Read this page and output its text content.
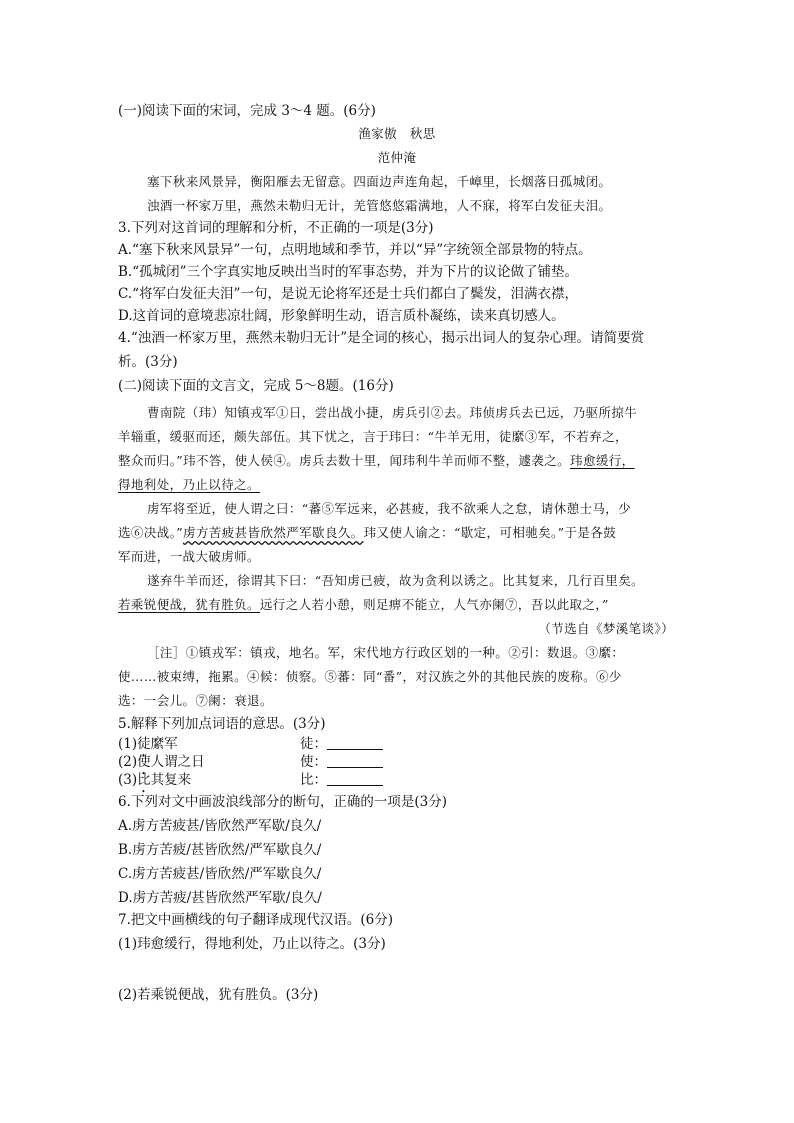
(一)阅读下面的宋词，完成 3～4 题。(6分)
渔家傲　秋思
范仲淹
塞下秋来风景异，衡阳雁去无留意。四面边声连角起，千嶂里，长烟落日孤城闭。
浊酒一杯家万里，燕然未勒归无计，羌管悠悠霜满地，人不寐，将军白发征夫泪。
3.下列对这首词的理解和分析，不正确的一项是(3分)
A.“塞下秋来风景异”一句，点明地域和季节，并以“异”字统领全部景物的特点。
B.“孤城闭”三个字真实地反映出当时的军事态势，并为下片的议论做了铺垫。
C.“将军白发征夫泪”一句，是说无论将军还是士兵们都白了鬓发，泪满衣襟，
D.这首词的意境悲凉壮阔，形象鲜明生动，语言质朴凝练，读来真切感人。
4.“浊酒一杯家万里，燕然未勒归无计”是全词的核心，揭示出词人的复杂心理。请简要赏
析。(3分)
(二)阅读下面的文言文，完成 5～8题。(16分)
曹南院（玮）知镇戎军①日，尝出战小捷，虏兵引②去。玮侦虏兵去已远，乃驱所掠牛
羊辎重，缓驱而还，颇失部伍。其下忧之，言于玮曰：“牛羊无用，徒縻③军，不若弃之，
整众而归。”玮不答，使人侯④。虏兵去数十里，闻玮利牛羊而师不整，遽袭之。玮愈缓行，
得地利处，乃止以待之。
虏军将至近，使人谓之曰：“蕃⑤军远来，必甚疲，我不欲乘人之怠，请休憩士马，少
选⑥决战。”虏方苦疲甚皆欣然严军歇良久。玮又使人谕之：“歇定，可相驰矣。”于是各鼓
军而进，一战大破虏师。
遂弃牛羊而还，徐谓其下曰：“吾知虏已疲，故为贪利以诱之。比其复来，几行百里矣。
若乘锐便战，犹有胜负。远行之人若小憩，则足痹不能立，人气亦阑⑦，吾以此取之，”
（节选自《梦溪笔谈》）
［注］①镇戎军：镇戎，地名。军，宋代地方行政区划的一种。②引：数退。③縻：
使……被束缚，拖累。④候：侦察。⑤蕃：同“番”，对汉族之外的其他民族的废称。⑥少
选：一会儿。⑦阑：衰退。
5.解释下列加点词语的意思。(3分)
(1)徒縻军	徒：
(2)使人谓之日	使：
(3)比其复来	比：
6.下列对文中画波浪线部分的断句，正确的一项是(3分)
A.虏方苦疲甚/皆欣然严军歇/良久/
B.虏方苦疲/甚皆欣然/严军歇良久/
C.虏方苦疲甚/皆欣然/严军歇良久/
D.虏方苦疲/甚皆欣然严军歇/良久/
7.把文中画横线的句子翻译成现代汉语。(6分)
(1)玮愈缓行，得地利处，乃止以待之。(3分)
(2)若乘锐便战，犹有胜负。(3分)
